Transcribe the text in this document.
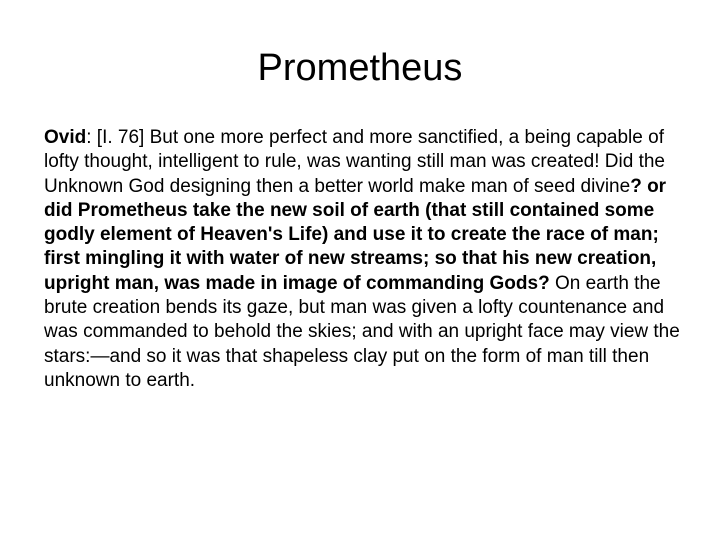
Prometheus

Ovid: [I. 76] But one more perfect and more sanctified, a being capable of lofty thought, intelligent to rule, was wanting still man was created! Did the Unknown God designing then a better world make man of seed divine? or did Prometheus take the new soil of earth (that still contained some godly element of Heaven's Life) and use it to create the race of man; first mingling it with water of new streams; so that his new creation, upright man, was made in image of commanding Gods? On earth the brute creation bends its gaze, but man was given a lofty countenance and was commanded to behold the skies; and with an upright face may view the stars:—and so it was that shapeless clay put on the form of man till then unknown to earth.
